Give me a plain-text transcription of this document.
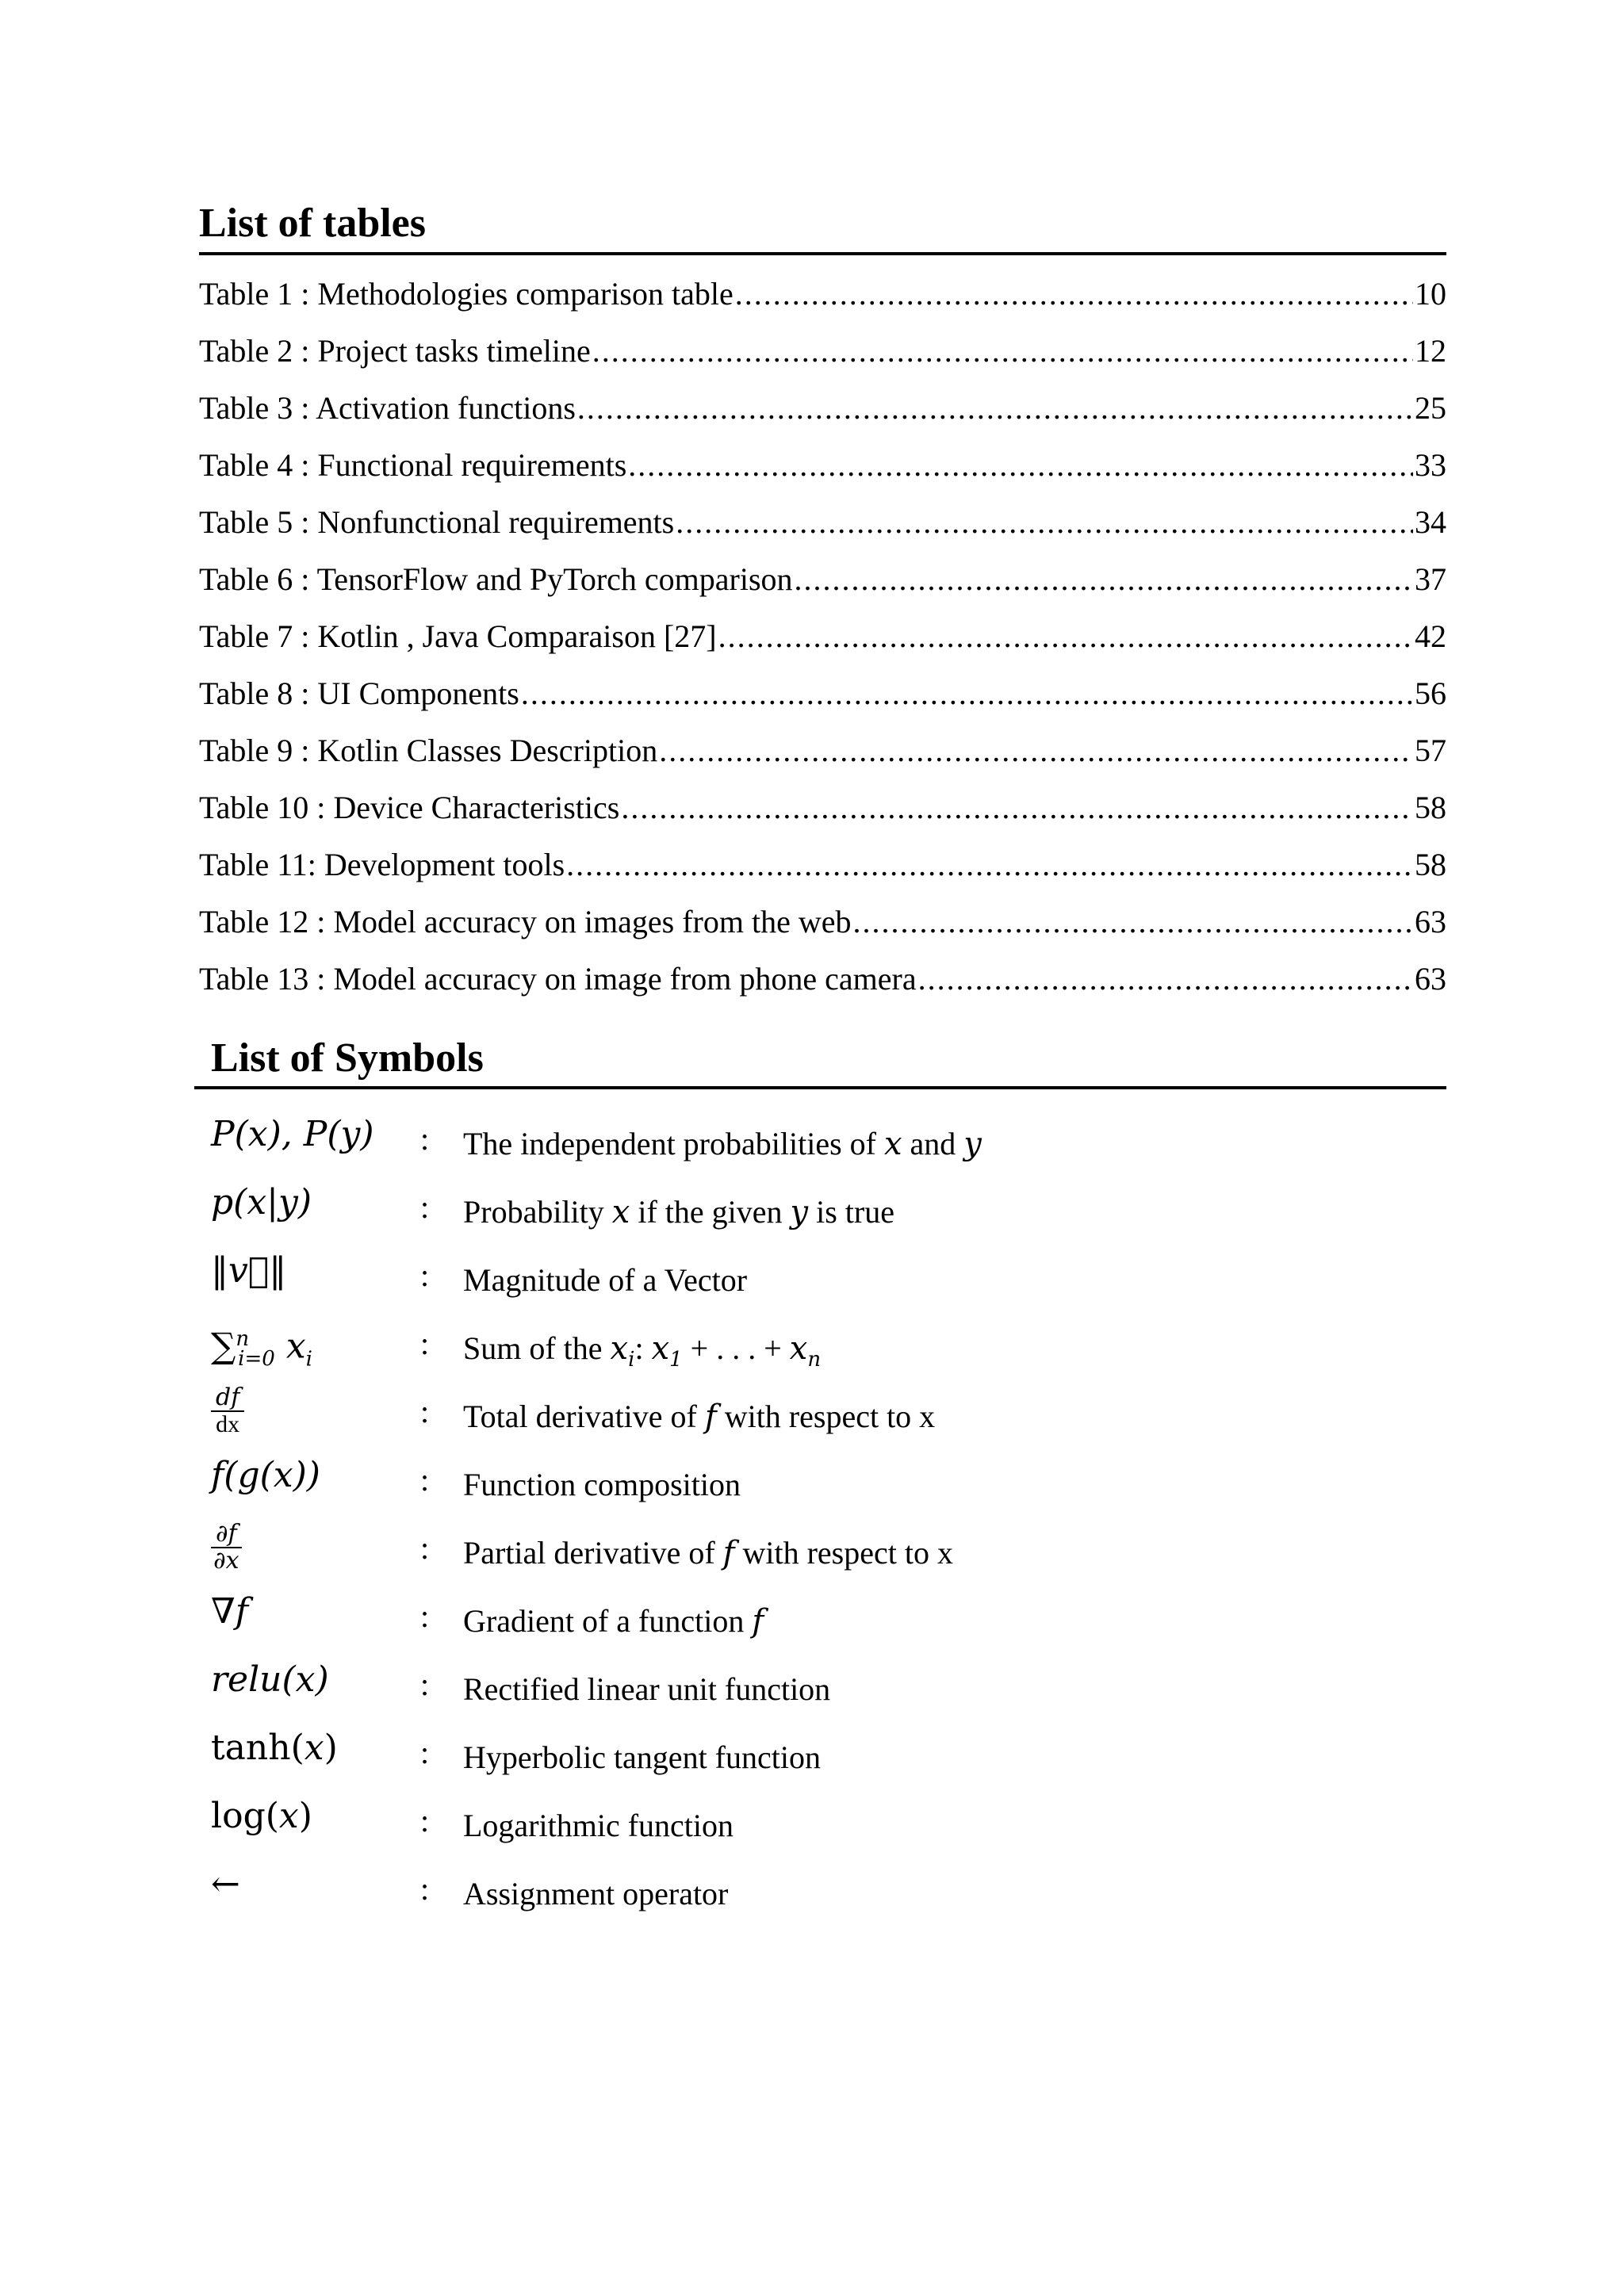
List of tables
Table 1 : Methodologies comparison table .....	10
Table 2 : Project tasks timeline .....	12
Table 3 : Activation functions .....	25
Table 4 : Functional requirements .....	33
Table 5 : Nonfunctional requirements .....	34
Table 6 : TensorFlow and PyTorch comparison .....	37
Table 7 : Kotlin , Java Comparaison [27] .....	42
Table 8 : UI Components .....	56
Table 9 : Kotlin Classes Description .....	57
Table 10 : Device Characteristics .....	58
Table 11: Development tools .....	58
Table 12 : Model accuracy on images from the web .....	63
Table 13 : Model accuracy on image from phone camera .....	63
List of Symbols
P(x), P(y) : The independent probabilities of x and y
p(x|y)	: Probability x if the given y is true
‖v⃗‖	: Magnitude of a Vector
∑$^n_{i=0}$ $x_i$	: Sum of the $x_i$: $x_1$ + . . . + $x_n$
$\frac{df}{dx}$	: Total derivative of f with respect to x
f(g(x))	: Function composition
$\frac{\partial f}{\partial x}$	: Partial derivative of f with respect to x
∇f	: Gradient of a function f
relu(x)	: Rectified linear unit function
tanh(x)	: Hyperbolic tangent function
log(x)	: Logarithmic function
←	: Assignment operator
